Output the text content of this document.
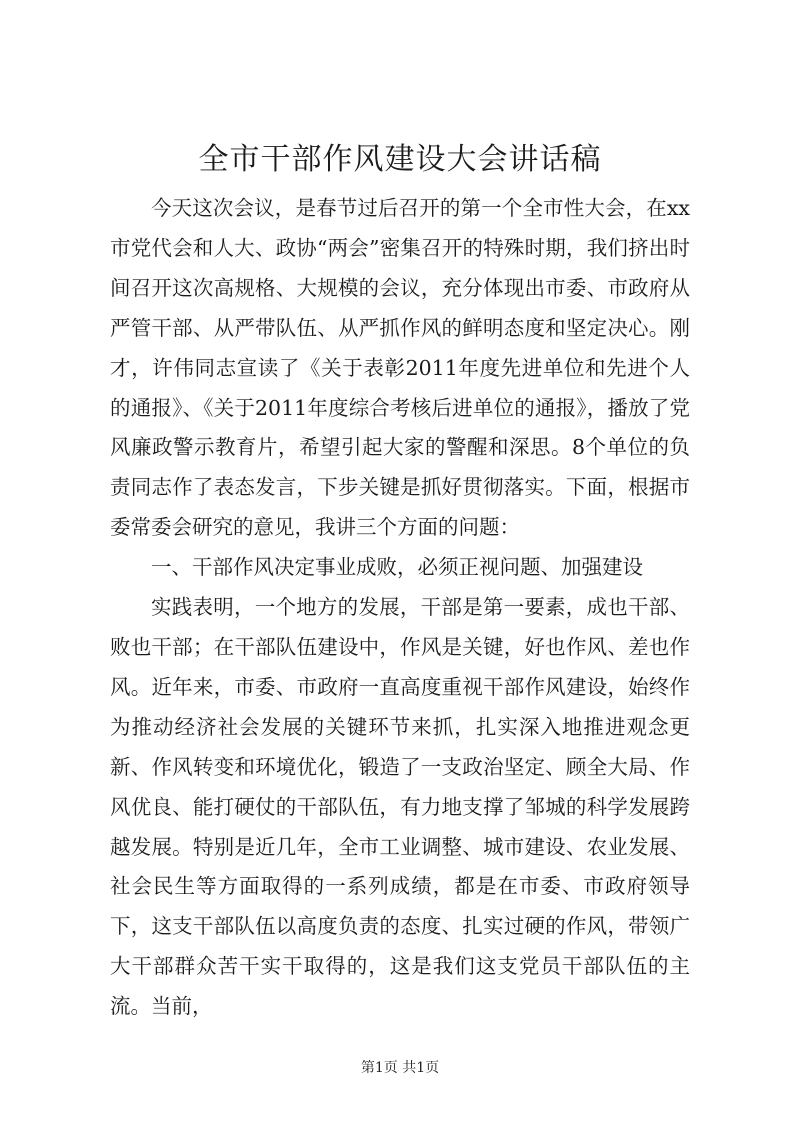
全市干部作风建设大会讲话稿

今天这次会议，是春节过后召开的第一个全市性大会，在xx市党代会和人大、政协“两会”密集召开的特殊时期，我们挤出时间召开这次高规格、大规模的会议，充分体现出市委、市政府从严管干部、从严带队伍、从严抓作风的鲜明态度和坚定决心。刚才，许伟同志宣读了《关于表彰2011年度先进单位和先进个人的通报》、《关于2011年度综合考核后进单位的通报》，播放了党风廉政警示教育片，希望引起大家的警醒和深思。8个单位的负责同志作了表态发言，下步关键是抓好贯彻落实。下面，根据市委常委会研究的意见，我讲三个方面的问题：

一、干部作风决定事业成败，必须正视问题、加强建设

实践表明，一个地方的发展，干部是第一要素，成也干部、败也干部；在干部队伍建设中，作风是关键，好也作风、差也作风。近年来，市委、市政府一直高度重视干部作风建设，始终作为推动经济社会发展的关键环节来抓，扎实深入地推进观念更新、作风转变和环境优化，锻造了一支政治坚定、顾全大局、作风优良、能打硬仗的干部队伍，有力地支撑了邹城的科学发展跨越发展。特别是近几年，全市工业调整、城市建设、农业发展、社会民生等方面取得的一系列成绩，都是在市委、市政府领导下，这支干部队伍以高度负责的态度、扎实过硬的作风，带领广大干部群众苦干实干取得的，这是我们这支党员干部队伍的主流。当前，

第1页 共1页
